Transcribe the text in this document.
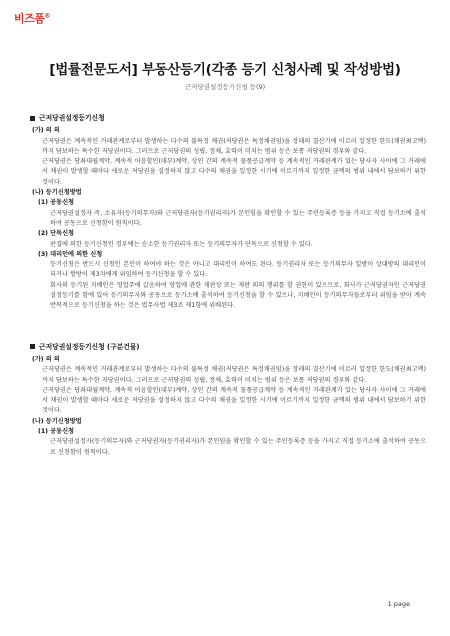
비즈폼®
[법률전문도서] 부동산등기(각종 등기 신청사례 및 작성방법)
근저당권설정등기신청 등(9)
근저당권설정등기신청
(가) 의 의

근저당권은 계속적인 거래관계로부터 발생하는 다수의 불특정 채권(저당권은 특정채권임)을 장래의 결산기에 이르러 일정한 한도(채권최고액)까지 담보하는 특수한 저당권이다. 그러므로 근저당권의 성립, 정체, 효력이 미치는 범위 등은 보통 저당권의 경우와 같다.

근저당권은 당좌대월계약, 계속적 어음할인(대부)계약, 상인 간의 계속적 물품공급계약 등 계속적인 거래관계가 있는 당사자 사이에 그 거래에서 채권이 발생할 때마다 새로운 저당권을 설정하지 않고 다수의 채권을 일정한 시기에 이르기까지 일정한 금액의 범위 내에서 담보하기 위한 것이다.

(나) 등기신청방법
(1) 공동신청

근저당권설정자 즉, 소유자(등기의무자)와 근저당권자(등기권리자)가 본인임을 확인할 수 있는 주민등록증 등을 가지고 직접 등기소에 출석하여 공동으로 신청함이 원칙이다.

(2) 단독신청

판결에 의한 등기신청인 경우에는 승소한 등기권리자 또는 등기의무자가 단독으로 신청할 수 있다.

(3) 대리인에 의한 신청

등기신청은 반드시 신청인 본인이 하여야 하는 것은 아니고 대리인이 하여도 된다. 등기권리자 또는 등기의무자 일방이 상대방의 대리인이 되거나 쌍방이 제3자에게 위임하여 등기신청을 할 수 있다.

회사의 등기된 지배인은 영업주에 갈음하여 영업에 관한 재판상 또는 재판 외의 행위를 할 권한이 있으므로, 회사가 근저당권자인 근저당권설정등기를 함에 있어 등기의무자와 공동으로 등기소에 출석하여 등기신청을 할 수 있으나, 지배인이 등기의무자들로부터 위임을 받아 계속 반복적으로 등기신청을 하는 것은 법무사법 제3조 제1항에 위배된다.

근저당권설정등기신청 (구분건물)
(가) 의 의

근저당권은 계속적인 거래관계로부터 발생하는 다수의 불특정 채권(저당권은 특정채권임)을 장래의 결산기에 이르러 일정한 한도(채권최고액)까지 담보하는 특수한 저당권이다. 그러므로 근저당권의 성립, 정체, 효력이 미치는 범위 등은 보통 저당권의 경우와 같다.

근저당권은 당좌대월계약, 계속적 어음할인(대부)계약, 상인 간의 계속적 물품공급계약 등 계속적인 거래관계가 있는 당사자 사이에 그 거래에서 채권이 발생할 때마다 새로운 저당권을 설정하지 않고 다수의 채권을 일정한 시기에 이르기까지 일정한 금액의 범위 내에서 담보하기 위한 것이다.

(나) 등기신청방법
(1) 공동신청

근저당권설정자(등기의무자)와 근저당권자(등기권리자)가 본인임을 확인할 수 있는 주민등록증 등을 가지고 직접 등기소에 출석하여 공동으로 신청함이 원칙이다.

1 page
